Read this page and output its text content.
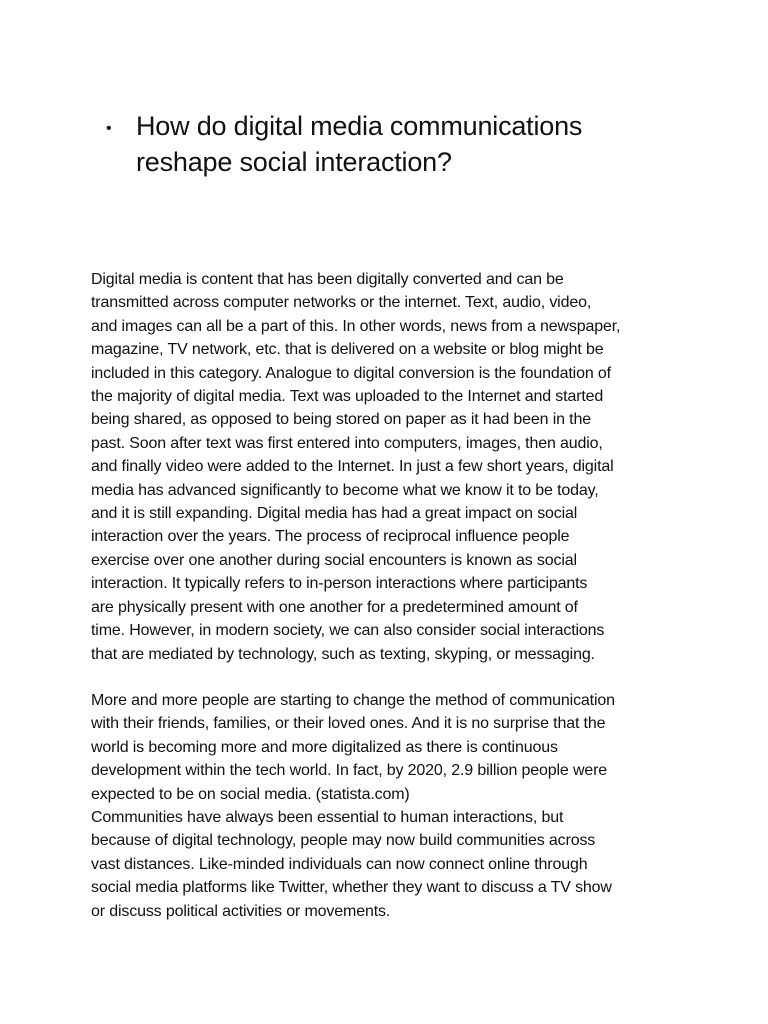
• How do digital media communications
reshape social interaction?

Digital media is content that has been digitally converted and can be
transmitted across computer networks or the internet. Text, audio, video,
and images can all be a part of this. In other words, news from a newspaper,
magazine, TV network, etc. that is delivered on a website or blog might be
included in this category. Analogue to digital conversion is the foundation of
the majority of digital media. Text was uploaded to the Internet and started
being shared, as opposed to being stored on paper as it had been in the
past. Soon after text was first entered into computers, images, then audio,
and finally video were added to the Internet. In just a few short years, digital
media has advanced significantly to become what we know it to be today,
and it is still expanding. Digital media has had a great impact on social
interaction over the years. The process of reciprocal influence people
exercise over one another during social encounters is known as social
interaction. It typically refers to in-person interactions where participants
are physically present with one another for a predetermined amount of
time. However, in modern society, we can also consider social interactions
that are mediated by technology, such as texting, skyping, or messaging.

More and more people are starting to change the method of communication
with their friends, families, or their loved ones. And it is no surprise that the
world is becoming more and more digitalized as there is continuous
development within the tech world. In fact, by 2020, 2.9 billion people were
expected to be on social media. (statista.com)

Communities have always been essential to human interactions, but
because of digital technology, people may now build communities across
vast distances. Like-minded individuals can now connect online through
social media platforms like Twitter, whether they want to discuss a TV show
or discuss political activities or movements.
